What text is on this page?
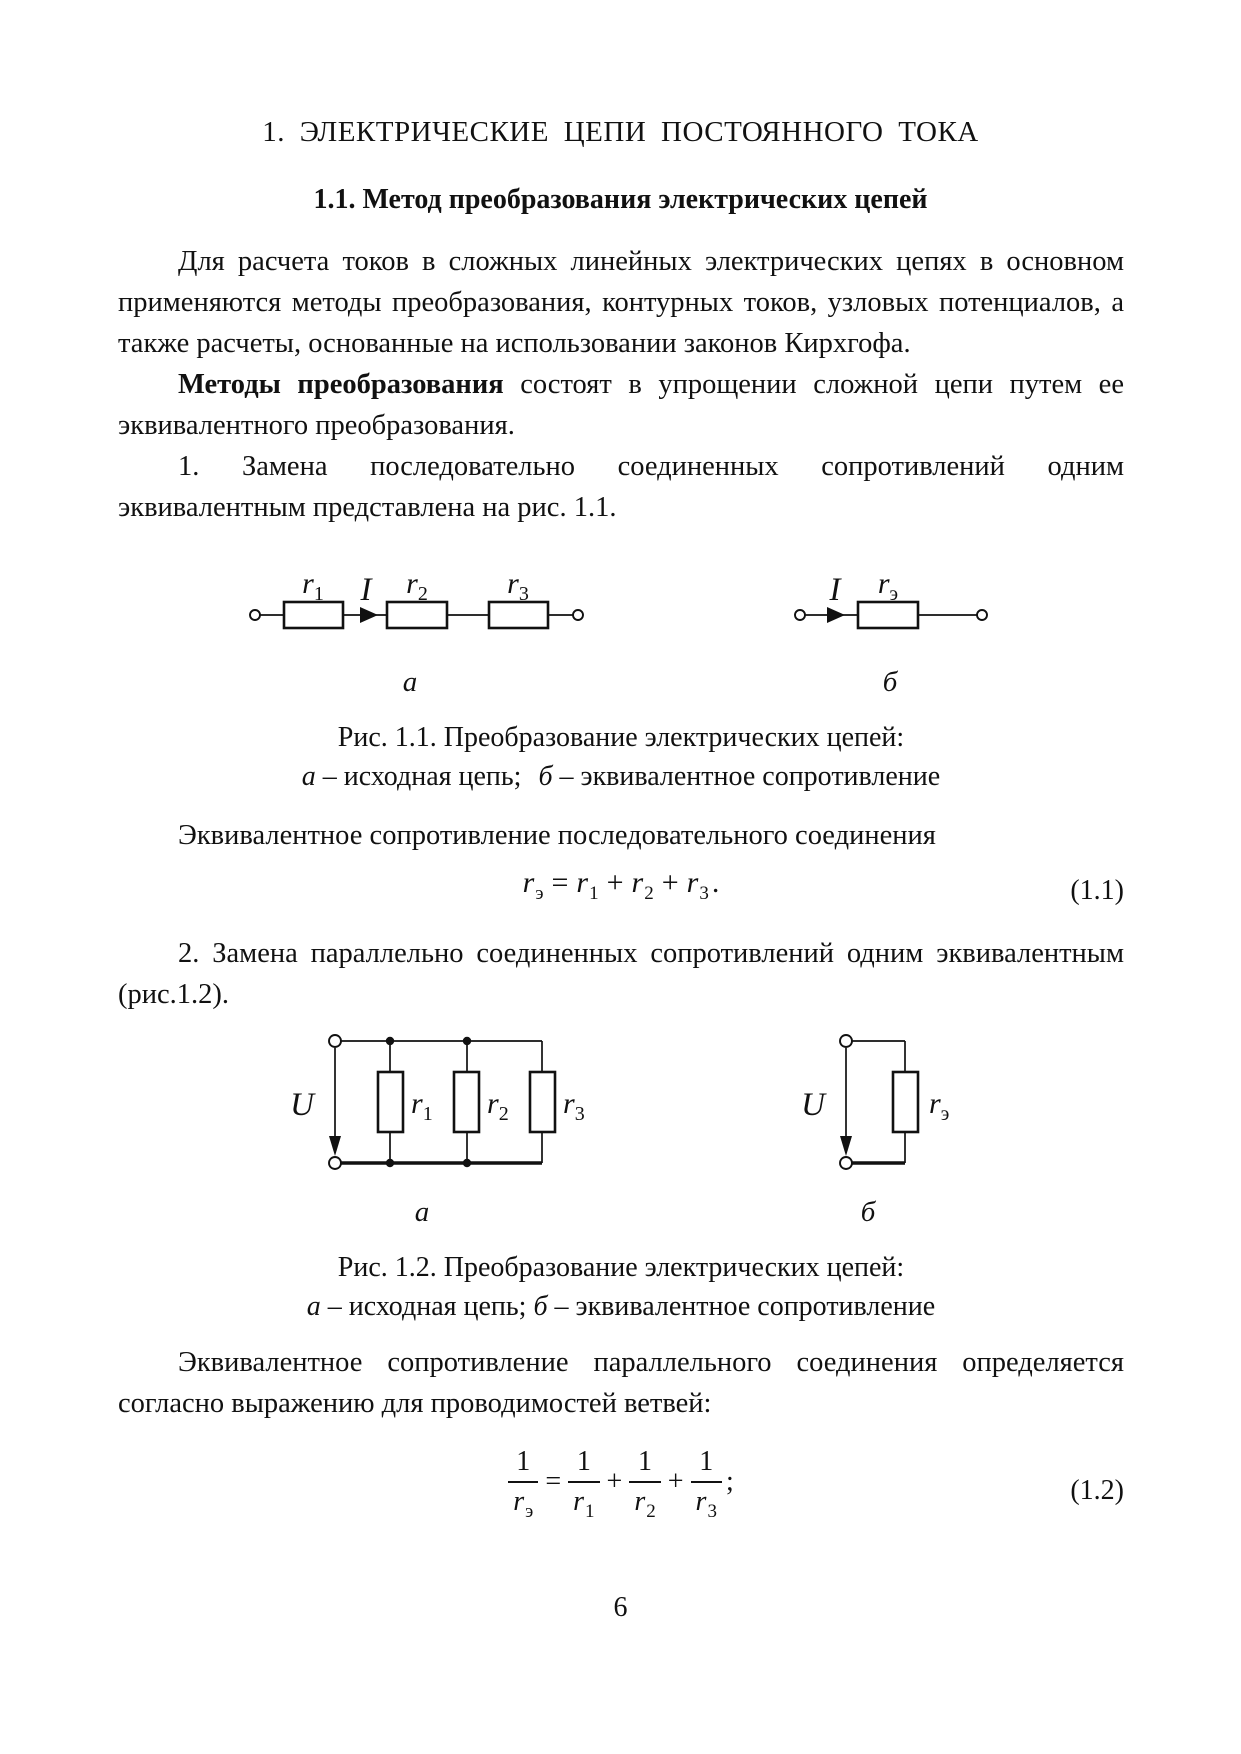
1. ЭЛЕКТРИЧЕСКИЕ ЦЕПИ ПОСТОЯННОГО ТОКА
1.1. Метод преобразования электрических цепей

Для расчета токов в сложных линейных электрических цепях в основном применяются методы преобразования, контурных токов, узловых потенциалов, а также расчеты, основанные на использовании законов Кирхгофа.

Методы преобразования состоят в упрощении сложной цепи путем ее эквивалентного преобразования.

1. Замена последовательно соединенных сопротивлений одним эквивалентным представлена на рис. 1.1.

r1 I r2	r3	I rэ
а	б
Рис. 1.1. Преобразование электрических цепей:
а – исходная цепь; б – эквивалентное сопротивление

Эквивалентное сопротивление последовательного соединения

$r_э = r_1 + r_2 + r_3$ .	(1.1)

2. Замена параллельно соединенных сопротивлений одним эквивалентным (рис.1.2).

U	r1 r2 r3	U	rэ
а	б
Рис. 1.2. Преобразование электрических цепей:
а – исходная цепь; б – эквивалентное сопротивление

Эквивалентное сопротивление параллельного соединения определяется согласно выражению для проводимостей ветвей:

$\frac{1}{r_э} = \frac{1}{r_1} + \frac{1}{r_2} + \frac{1}{r_3}$ ;	(1.2)
6
